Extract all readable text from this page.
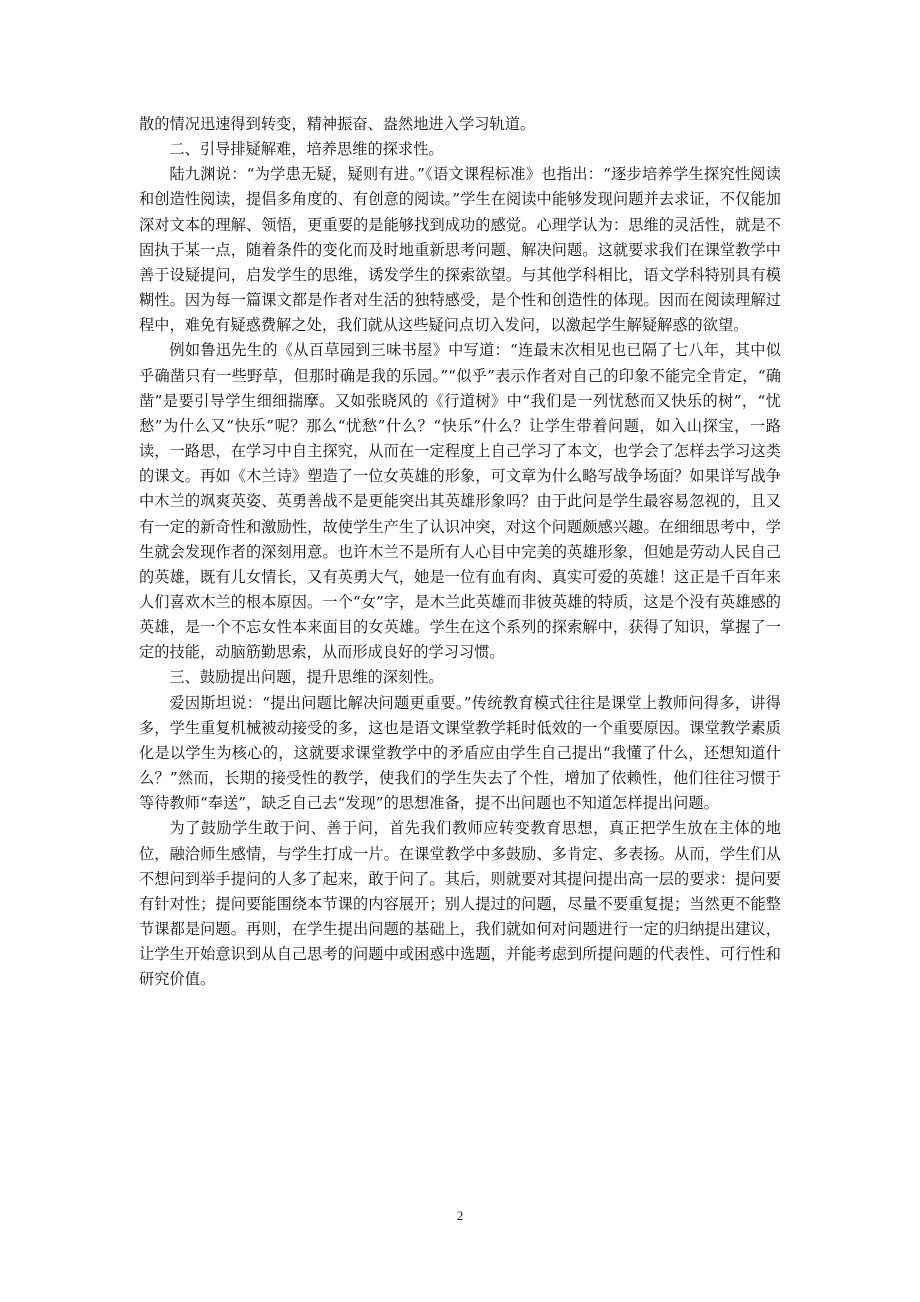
散的情况迅速得到转变，精神振奋、盎然地进入学习轨道。

二、引导排疑解难，培养思维的探求性。

陆九渊说：“为学患无疑，疑则有进。”《语文课程标准》也指出：“逐步培养学生探究性阅读和创造性阅读，提倡多角度的、有创意的阅读。”学生在阅读中能够发现问题并去求证，不仅能加深对文本的理解、领悟，更重要的是能够找到成功的感觉。心理学认为：思维的灵活性，就是不固执于某一点，随着条件的变化而及时地重新思考问题、解决问题。这就要求我们在课堂教学中善于设疑提问，启发学生的思维，诱发学生的探索欲望。与其他学科相比，语文学科特别具有模糊性。因为每一篇课文都是作者对生活的独特感受，是个性和创造性的体现。因而在阅读理解过程中，难免有疑惑费解之处，我们就从这些疑问点切入发问，以激起学生解疑解惑的欲望。

例如鲁迅先生的《从百草园到三味书屋》中写道：“连最末次相见也已隔了七八年，其中似乎确凿只有一些野草，但那时确是我的乐园。”“似乎”表示作者对自己的印象不能完全肯定，“确凿”是要引导学生细细揣摩。又如张晓风的《行道树》中“我们是一列忧愁而又快乐的树”，“忧愁”为什么又“快乐”呢？那么“忧愁”什么？“快乐”什么？让学生带着问题，如入山探宝，一路读，一路思，在学习中自主探究，从而在一定程度上自己学习了本文，也学会了怎样去学习这类的课文。再如《木兰诗》塑造了一位女英雄的形象，可文章为什么略写战争场面？如果详写战争中木兰的飒爽英姿、英勇善战不是更能突出其英雄形象吗？由于此问是学生最容易忽视的，且又有一定的新奇性和激励性，故使学生产生了认识冲突，对这个问题颇感兴趣。在细细思考中，学生就会发现作者的深刻用意。也许木兰不是所有人心目中完美的英雄形象，但她是劳动人民自己的英雄，既有儿女情长，又有英勇大气，她是一位有血有肉、真实可爱的英雄！这正是千百年来人们喜欢木兰的根本原因。一个“女”字，是木兰此英雄而非彼英雄的特质，这是个没有英雄感的英雄，是一个不忘女性本来面目的女英雄。学生在这个系列的探索解中，获得了知识，掌握了一定的技能，动脑筋勤思索，从而形成良好的学习习惯。

三、鼓励提出问题，提升思维的深刻性。

爱因斯坦说：“提出问题比解决问题更重要。”传统教育模式往往是课堂上教师问得多，讲得多，学生重复机械被动接受的多，这也是语文课堂教学耗时低效的一个重要原因。课堂教学素质化是以学生为核心的，这就要求课堂教学中的矛盾应由学生自己提出“我懂了什么，还想知道什么？”然而，长期的接受性的教学，使我们的学生失去了个性，增加了依赖性，他们往往习惯于等待教师“奉送”，缺乏自己去“发现”的思想准备，提不出问题也不知道怎样提出问题。

为了鼓励学生敢于问、善于问，首先我们教师应转变教育思想，真正把学生放在主体的地位，融洽师生感情，与学生打成一片。在课堂教学中多鼓励、多肯定、多表扬。从而，学生们从不想问到举手提问的人多了起来，敢于问了。其后，则就要对其提问提出高一层的要求：提问要有针对性；提问要能围绕本节课的内容展开；别人提过的问题，尽量不要重复提；当然更不能整节课都是问题。再则，在学生提出问题的基础上，我们就如何对问题进行一定的归纳提出建议，让学生开始意识到从自己思考的问题中或困惑中选题，并能考虑到所提问题的代表性、可行性和研究价值。

2
